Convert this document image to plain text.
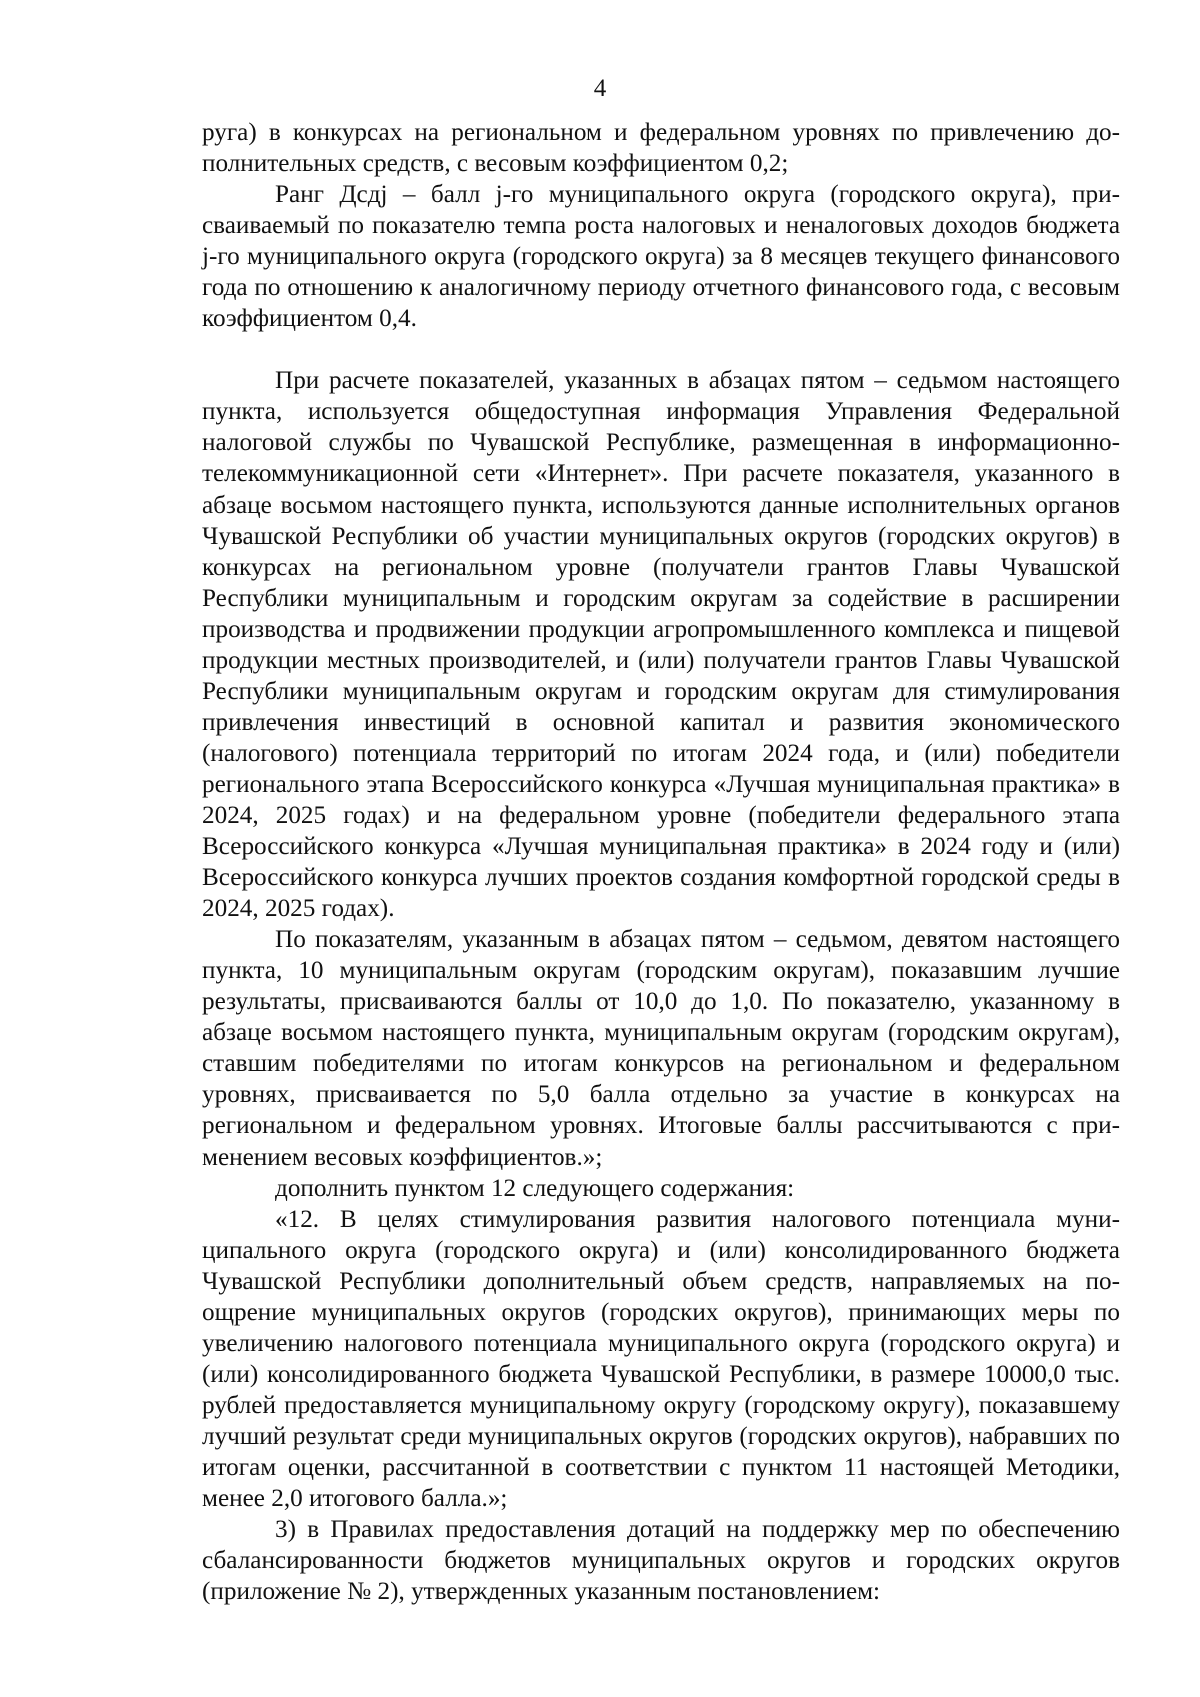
4

руга) в конкурсах на региональном и федеральном уровнях по привлечению дополнительных средств, с весовым коэффициентом 0,2;

Ранг Дсдj – балл j-го муниципального округа (городского округа), присваиваемый по показателю темпа роста налоговых и неналоговых доходов бюджета j-го муниципального округа (городского округа) за 8 месяцев текущего финансового года по отношению к аналогичному периоду отчетного финансового года, с весовым коэффициентом 0,4.

При расчете показателей, указанных в абзацах пятом – седьмом настоящего пункта, используется общедоступная информация Управления Федеральной налоговой службы по Чувашской Республике, размещенная в информационно-телекоммуникационной сети «Интернет». При расчете показателя, указанного в абзаце восьмом настоящего пункта, используются данные исполнительных органов Чувашской Республики об участии муниципальных округов (городских округов) в конкурсах на региональном уровне (получатели грантов Главы Чувашской Республики муниципальным и городским округам за содействие в расширении производства и продвижении продукции агропромышленного комплекса и пищевой продукции местных производителей, и (или) получатели грантов Главы Чувашской Республики муниципальным округам и городским округам для стимулирования привлечения инвестиций в основной капитал и развития экономического (налогового) потенциала территорий по итогам 2024 года, и (или) победители регионального этапа Всероссийского конкурса «Лучшая муниципальная практика» в 2024, 2025 годах) и на федеральном уровне (победители федерального этапа Всероссийского конкурса «Лучшая муниципальная практика» в 2024 году и (или) Всероссийского конкурса лучших проектов создания комфортной городской среды в 2024, 2025 годах).

По показателям, указанным в абзацах пятом – седьмом, девятом настоящего пункта, 10 муниципальным округам (городским округам), показавшим лучшие результаты, присваиваются баллы от 10,0 до 1,0. По показателю, указанному в абзаце восьмом настоящего пункта, муниципальным округам (городским округам), ставшим победителями по итогам конкурсов на региональном и федеральном уровнях, присваивается по 5,0 балла отдельно за участие в конкурсах на региональном и федеральном уровнях. Итоговые баллы рассчитываются с применением весовых коэффициентов.»;

дополнить пунктом 12 следующего содержания:

«12. В целях стимулирования развития налогового потенциала муниципального округа (городского округа) и (или) консолидированного бюджета Чувашской Республики дополнительный объем средств, направляемых на поощрение муниципальных округов (городских округов), принимающих меры по увеличению налогового потенциала муниципального округа (городского округа) и (или) консолидированного бюджета Чувашской Республики, в размере 10000,0 тыс. рублей предоставляется муниципальному округу (городскому округу), показавшему лучший результат среди муниципальных округов (городских округов), набравших по итогам оценки, рассчитанной в соответствии с пунктом 11 настоящей Методики, менее 2,0 итогового балла.»;

3) в Правилах предоставления дотаций на поддержку мер по обеспечению сбалансированности бюджетов муниципальных округов и городских округов (приложение № 2), утвержденных указанным постановлением:
